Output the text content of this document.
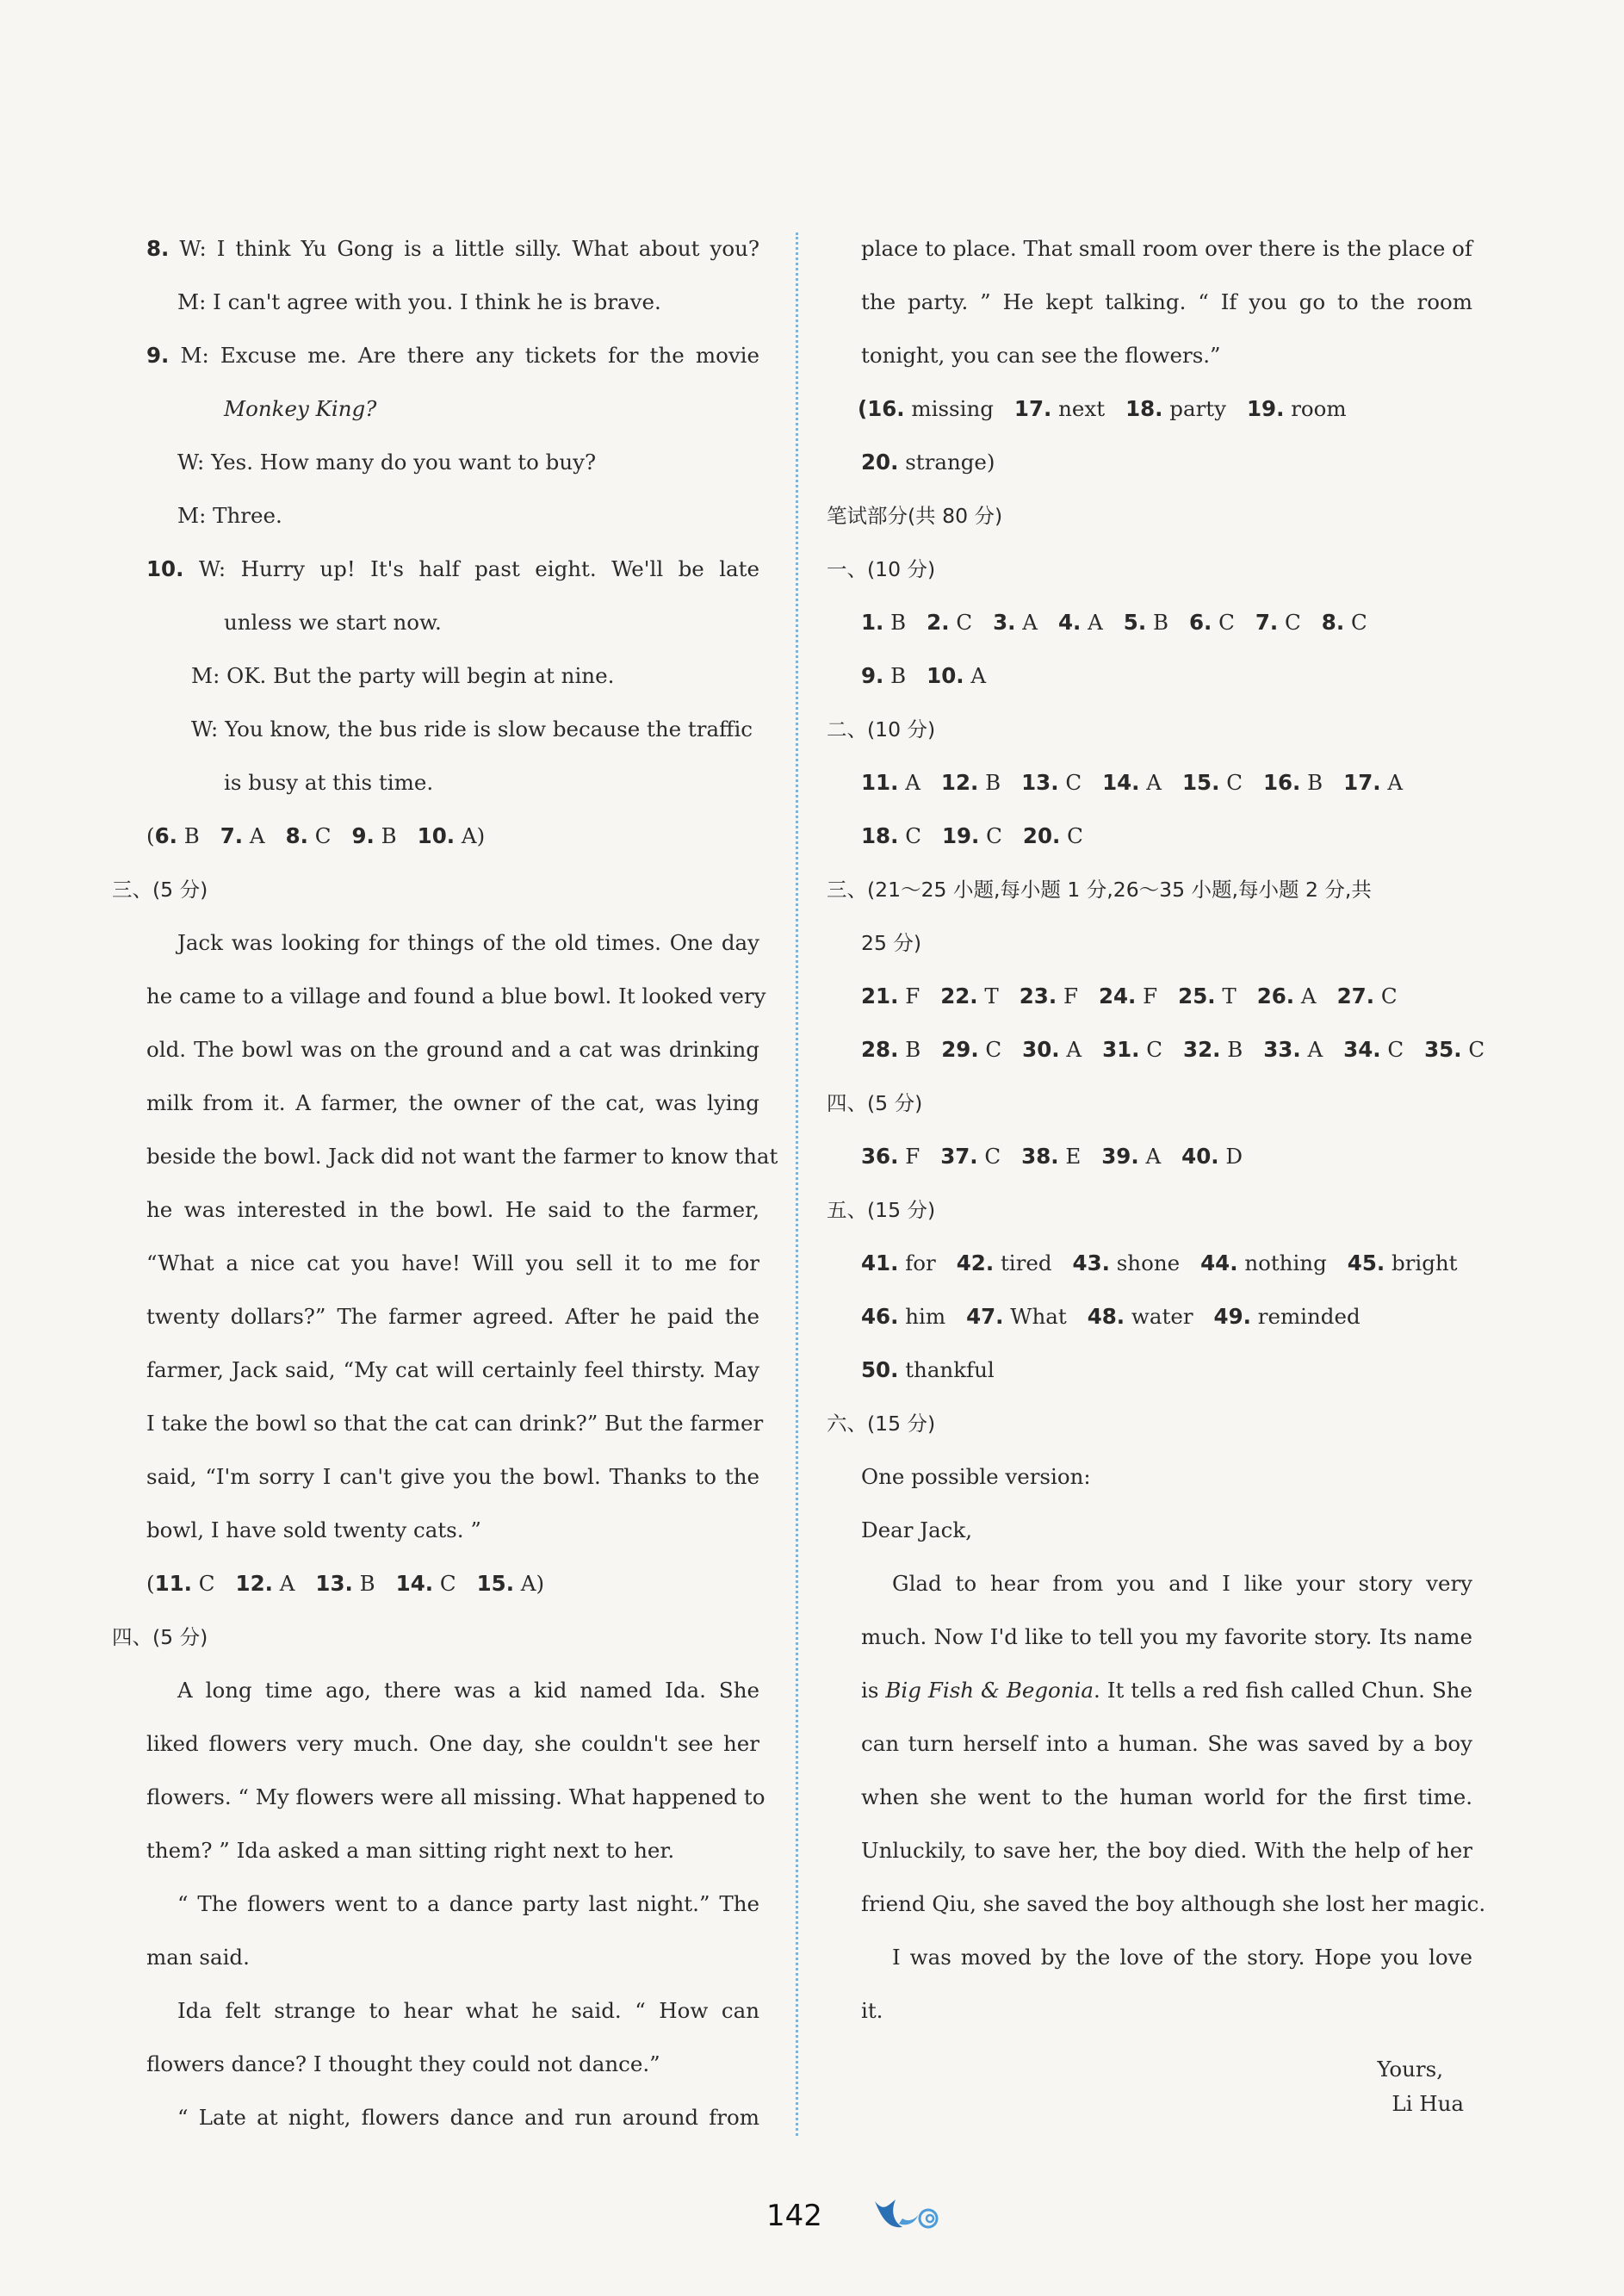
8. W: I think Yu Gong is a little silly. What about you?
M: I can't agree with you. I think he is brave.
9. M: Excuse me. Are there any tickets for the movie
Monkey King?
W: Yes. How many do you want to buy?
M: Three.
10. W: Hurry up! It's half past eight. We'll be late
unless we start now.
M: OK. But the party will begin at nine.
W: You know, the bus ride is slow because the traffic
is busy at this time.
(6. B 7. A 8. C 9. B 10. A)
三、(5 分)
Jack was looking for things of the old times. One day
he came to a village and found a blue bowl. It looked very
old. The bowl was on the ground and a cat was drinking
milk from it. A farmer, the owner of the cat, was lying
beside the bowl. Jack did not want the farmer to know that
he was interested in the bowl. He said to the farmer,
“What a nice cat you have! Will you sell it to me for
twenty dollars?” The farmer agreed. After he paid the
farmer, Jack said, “My cat will certainly feel thirsty. May
I take the bowl so that the cat can drink?” But the farmer
said, “I'm sorry I can't give you the bowl. Thanks to the
bowl, I have sold twenty cats. ”
(11. C 12. A 13. B 14. C 15. A)
四、(5 分)
A long time ago, there was a kid named Ida. She
liked flowers very much. One day, she couldn't see her
flowers. “ My flowers were all missing. What happened to
them? ” Ida asked a man sitting right next to her.
“ The flowers went to a dance party last night.” The
man said.
Ida felt strange to hear what he said. “ How can
flowers dance? I thought they could not dance.”
“ Late at night, flowers dance and run around from
place to place. That small room over there is the place of
the party. ” He kept talking. “ If you go to the room
tonight, you can see the flowers.”
(16. missing 17. next 18. party 19. room
20. strange)
笔试部分(共 80 分)
一、(10 分)
1. B 2. C 3. A 4. A 5. B 6. C 7. C 8. C
9. B 10. A
二、(10 分)
11. A 12. B 13. C 14. A 15. C 16. B 17. A
18. C 19. C 20. C
三、(21～25 小题,每小题 1 分,26～35 小题,每小题 2 分,共
25 分)
21. F 22. T 23. F 24. F 25. T 26. A 27. C
28. B 29. C 30. A 31. C 32. B 33. A 34. C 35. C
四、(5 分)
36. F 37. C 38. E 39. A 40. D
五、(15 分)
41. for 42. tired 43. shone 44. nothing 45. bright
46. him 47. What 48. water 49. reminded
50. thankful
六、(15 分)
One possible version:
Dear Jack,
Glad to hear from you and I like your story very
much. Now I'd like to tell you my favorite story. Its name
is Big Fish & Begonia. It tells a red fish called Chun. She
can turn herself into a human. She was saved by a boy
when she went to the human world for the first time.
Unluckily, to save her, the boy died. With the help of her
friend Qiu, she saved the boy although she lost her magic.
I was moved by the love of the story. Hope you love
it.
Yours,
Li Hua
142
